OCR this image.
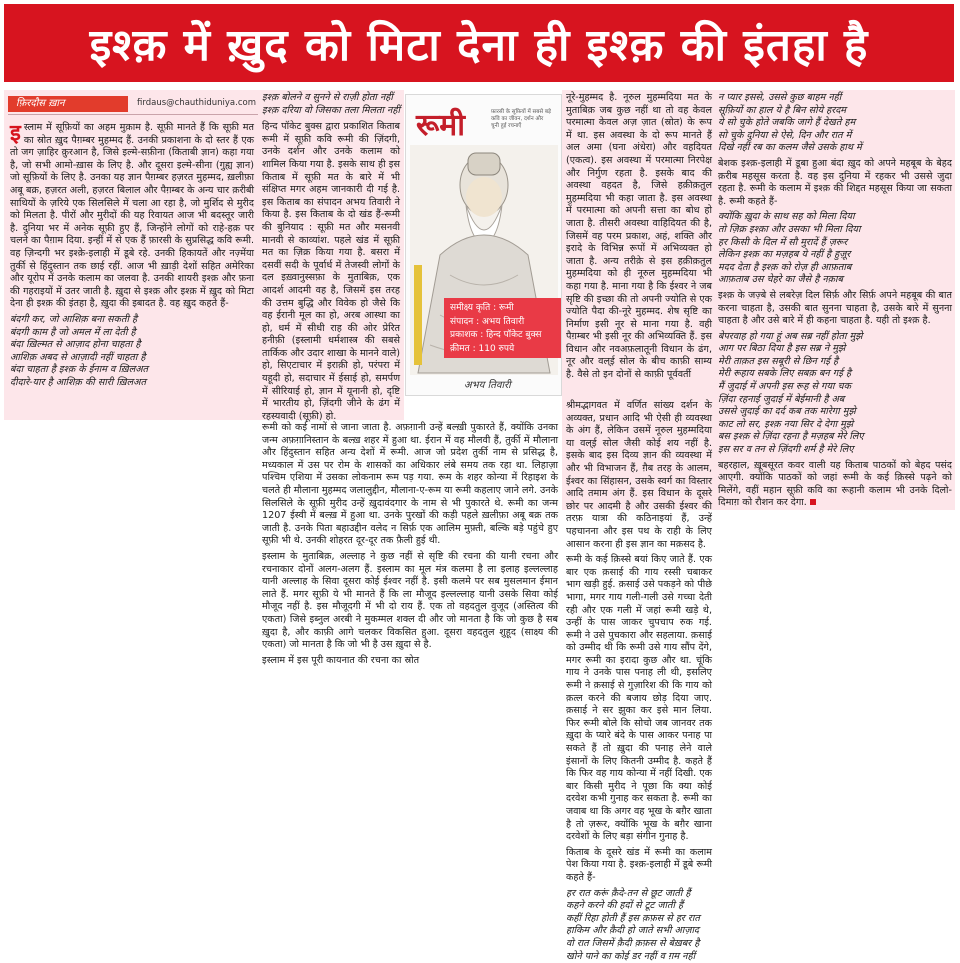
इश्क़ में ख़ुद को मिटा देना ही इश्क़ की इंतहा है
फ़िरदौस ख़ान	firdaus@chauthiduniya.com

इस्लाम में सूफ़ियों का अहम मुक़ाम है. सूफ़ी मानते हैं कि सूफ़ी मत का स्रोत ख़ुद पैग़म्बर मुहम्मद हैं. उनकी प्रकाशना के दो स्तर हैं एक तो जग ज़ाहिर क़ुरआन है, जिसे इल्मे-सफ़ीना (किताबी ज्ञान) कहा गया है, जो सभी आमो-ख़ास के लिए है. और दूसरा इल्मे-सीना (गुह्य ज्ञान) जो सूफ़ियों के लिए है. उनका यह ज्ञान पैग़म्बर हज़रत मुहम्मद, ख़लीफ़ा अबू बक्र, हज़रत अली, हज़रत बिलाल और पैग़म्बर के अन्य चार क़रीबी साथियों के ज़रिये एक सिलसिले में चला आ रहा है, जो मुर्शिद से मुरीद को मिलता है. पीरों और मुरीदों की यह रिवायत आज भी बदस्तूर जारी है. दुनिया भर में अनेक सूफ़ी हुए हैं, जिन्होंने लोगों को राहे-हक़ पर चलने का पैग़ाम दिया. इन्हीं में से एक हैं फ़ारसी के सुप्रसिद्ध कवि रूमी. वह ज़िन्दगी भर इश्क़े-इलाही में डूबे रहे. उनकी हिकायतें और नज़्मेंया तुर्की से हिंदुस्तान तक छाई रहीं. आज भी ख़ाड़ी देशों सहित अमेरिका और यूरोप में उनके कलाम का जलवा है. उनकी शायरी इश्क़ और फ़ना की गहराइयों में उतर जाती है. ख़ुदा से इश्क़ और इश्क़ में ख़ुद को मिटा देना ही इश्क़ की इंतहा है, ख़ुदा की इबादत है. वह ख़ुद कहते हैं-

बंदगी कर, जो आशिक़ बना सकती है
बंदगी काम है जो अमल में ला देती है
बंदा ख़िल्मत से आज़ाद होना चाहता है
आशिक़ अबद से आज़ादी नहीं चाहता है
बंदा चाहता है इश्क़ के ईनाम व ख़िलअत
दीदारे-यार है आशिक़ की सारी ख़िलअत
इश्क़ बोलने व सुनने से राज़ी होता नहीं
इश्क़ दरिया वो जिसका तला मिलता नहीं

हिन्द पॉकेट बुक्स द्वारा प्रकाशित किताब रूमी में सूफ़ी कवि रूमी की ज़िंदगी, उनके दर्शन और उनके कलाम को शामिल किया गया है. इसके साथ ही इस किताब में सूफ़ी मत के बारे में भी संक्षिप्त मगर अहम जानकारी दी गई है. इस किताब का संपादन अभय तिवारी ने किया है. इस किताब के दो खंड हैं-रूमी की बुनियाद : सूफ़ी मत और मसनवी मानवी से काव्यांश. पहले खंड में सूफ़ी मत का ज़िक्र किया गया है. बसरा में दसवीं सदी के पूर्वार्ध में तेजस्वी लोगों के दल इख़्वानुस्सफ़ा के मुताबिक़, एक आदर्श आदमी वह है, जिसमें इस तरह की उत्तम बुद्धि और विवेक हो जैसे कि वह ईरानी मूल का हो, अरब आस्था का हो, धर्म में सीधी राह की ओर प्रेरित हनीफ़ी (इस्लामी धर्मशास्त्र की सबसे तार्किक और उदार शाखा के मानने वाले) हो, सिएटाचार में इराक़ी हो, परंपरा में यहूदी हो, सदाचार में ईसाई हो, समर्पण में सीरियाई हो, ज्ञान में यूनानी हो, दृष्टि में भारतीय हो, ज़िंदगी जीने के ढंग में रहस्यवादी (सूफ़ी) हो.

रूमी	फ़ारसी के सूफ़ियों में सबसे बड़े कवि का जीवन, दर्शन और चुनी हुई रचनाएँ
अभय तिवारी
समीक्ष्य कृति : रूमी
संपादन : अभय तिवारी
प्रकाशक : हिन्द पॉकेट बुक्स
क़ीमत : 110 रुपये

रूमी को कई नामों से जाना जाता है. अफ़ग़ानी उन्हें बल्ख़ी पुकारते हैं, क्योंकि उनका जन्म अफ़ग़ानिस्तान के बल्ख़ शहर में हुआ था. ईरान में वह मौलवी हैं, तुर्की में मौलाना और हिंदुस्तान सहित अन्य देशों में रूमी. आज जो प्रदेश तुर्की नाम से प्रसिद्ध है, मध्यकाल में उस पर रोम के शासकों का अधिकार लंबे समय तक रहा था. लिहाज़ा पश्चिम एशिया में उसका लोकनाम रूम पड़ गया. रूम के शहर कोन्या में रिहाइश के चलते ही मौलाना मुहम्मद जलालुद्दीन, मौलाना-ए-रूम या रूमी कहलाए जाने लगे. उनके सिलसिले के सूफ़ी मुरीद उन्हें ख़ुदावंदगार के नाम से भी पुकारते थे. रूमी का जन्म 1207 ईस्वी में बल्ख़ में हुआ था. उनके पुरखों की कड़ी पहले ख़लीफ़ा अबू बक्र तक जाती है. उनके पिता बहाउद्दीन वलेद न सिर्फ़ एक आलिम मुफ़्ती, बल्कि बड़े पहुंचे हुए सूफ़ी भी थे. उनकी शोहरत दूर-दूर तक फ़ैली हुई थी.

इस्लाम के मुताबिक़, अल्लाह ने कुछ नहीं से सृष्टि की रचना की यानी रचना और रचनाकार दोनों अलग-अलग हैं. इस्लाम का मूल मंत्र कलमा है ला इलाह इल्लल्लाह यानी अल्लाह के सिवा दूसरा कोई ईश्वर नहीं है. इसी कलमे पर सब मुसलमान ईमान लाते हैं. मगर सूफ़ी ये भी मानते हैं कि ला मौजूद इल्लल्लाह यानी उसके सिवा कोई मौजूद नहीं है. इस मौजूदगी में भी दो राय हैं. एक तो वहदतुल वुजूद (अस्तित्व की एकता) जिसे इब्नुल अरबी ने मुकम्मल शक्ल दी और जो मानता है कि जो कुछ है सब ख़ुदा है, और काफ़ी आगे चलकर विकसित हुआ. दूसरा वहदतुल शुहूद (साक्ष्य की एकता) जो मानता है कि जो भी है उस ख़ुदा से है.

इस्लाम में इस पूरी कायनात की रचना का स्रोत

नूरे-मुहम्मद है. नूरुल मुहम्मदिया मत के मुताबिक़ जब कुछ नहीं था तो वह केवल परमात्मा केवल अज़ ज़ात (स्रोत) के रूप में था. इस अवस्था के दो रूप मानते हैं अल अमा (घना अंधेरा) और वहदियत (एकत्व). इस अवस्था में परमात्मा निरपेक्ष और निर्गुण रहता है. इसके बाद की अवस्था वहदत है, जिसे हक़ीक़तुल मुहम्मदिया भी कहा जाता है. इस अवस्था में परमात्मा को अपनी सत्ता का बोध हो जाता है. तीसरी अवस्था वाहिदियत की है, जिसमें वह परम प्रकाश, अहं, शक्ति और इरादे के विभिन्न रूपों में अभिव्यक्त हो जाता है. अन्य तरीक़े से इस हक़ीक़तुल मुहम्मदिया को ही नूरुल मुहम्मदिया भी कहा गया है. माना गया है कि ईश्वर ने जब सृष्टि की इच्छा की तो अपनी ज्योति से एक ज्योति पैदा की-नूरे मुहम्मद. शेष सृष्टि का निर्माण इसी नूर से माना गया है. वही पैग़म्बर भी इसी नूर की अभिव्यक्ति हैं. इस विधान और नवअफ़लातूनी विधान के ढंग, नूर और वल्ई सोल के बीच काफ़ी साम्य है. वैसे तो इन दोनों से काफ़ी पूर्ववर्ती

श्रीमद्भागवत में वर्णित सांख्य दर्शन के अव्यक्त, प्रधान आदि भी ऐसी ही व्यवस्था के अंग हैं, लेकिन उसमें नूरुल मुहम्मदिया या वल्ई सोल जैसी कोई शय नहीं है. इसके बाद इस दिव्य ज्ञान की व्यवस्था में और भी विभाजन हैं, ग़ैब तरह के आलम, ईश्वर का सिंहासन, उसके स्वर्ग का विस्तार आदि तमाम अंग हैं. इस विधान के दूसरे छोर पर आदमी है और उसकी ईश्वर की तरफ़ यात्रा की कठिनाइयां हैं, उन्हें पहचानना और इस पथ के राही के लिए आसान करना ही इस ज्ञान का मक़सद है.

रूमी के कई क़िस्से बयां किए जाते हैं. एक बार एक क़साई की गाय रस्सी चबाकर भाग खड़ी हुई. क़साई उसे पकड़ने को पीछे भागा, मगर गाय गली-गली उसे गच्चा देती रही और एक गली में जहां रूमी खड़े थे, उन्हीं के पास जाकर चुपचाप रुक गई. रूमी ने उसे पुचकारा और सहलाया. क़साई को उम्मीद थी कि रूमी उसे गाय सौंप देंगे, मगर रूमी का इरादा कुछ और था. चूंकि गाय ने उनके पास पनाह ली थी, इसलिए रूमी ने क़साई से गुज़ारिश की कि गाय को क़त्ल करने की बजाय छोड़ दिया जाए. क़साई ने सर झुका कर इसे मान लिया. फिर रूमी बोले कि सोचो जब जानवर तक ख़ुदा के प्यारे बंदे के पास आकर पनाह पा सकते हैं तो ख़ुदा की पनाह लेने वाले इंसानों के लिए कितनी उम्मीद है. कहते हैं कि फिर वह गाय कोन्या में नहीं दिखी. एक बार किसी मुरीद ने पूछा कि क्या कोई दरवेश कभी गुनाह कर सकता है. रूमी का जवाब था कि अगर वह भूख के बग़ैर खाता है तो ज़रूर, क्योंकि भूख के बग़ैर खाना दरवेशों के लिए बड़ा संगीन गुनाह है.

किताब के दूसरे खंड में रूमी का कलाम पेश किया गया है. इश्क़-इलाही में डूबे रूमी कहते हैं-

हर रात करूं क़ैदे-तन से छूट जाती हैं
कहने करने की हदों से टूट जाती हैं
कहीं रिहा होती हैं इस क़फ़स से हर रात
हाकिम और क़ैदी हो जाते सभी आज़ाद
वो रात जिसमें क़ैदी क़फ़स से बेख़बर है
खोने पाने का कोई डर नहीं व ग़म नहीं
न प्यार इससे, उससे कुछ बाहम नहीं
सूफ़ियों का हाल ये है बिन सोये हरदम
ये सो चुके होते जबकि जागे हैं देखते हम
सो चुके दुनिया से ऐसे, दिन और रात में
दिखे नहीं रब का कलम जैसे उसके हाथ में

बेशक इश्क़-इलाही में डूबा हुआ बंदा ख़ुद को अपने महबूब के बेहद क़रीब महसूस करता है. वह इस दुनिया में रहकर भी उससे जुदा रहता है. रूमी के कलाम में इश्क़ की शिद्दत महसूस किया जा सकता है. रूमी कहते हैं-

क्योंकि ख़ुदा के साथ सह को मिला दिया
तो ज़िक्र इश्क़ा और उसका भी मिला दिया
हर किसी के दिल में सौ मुरादें हैं ज़रूर
लेकिन इश्क़ का मज़हब ये नहीं है हुज़ूर
मदद देता है इश्क़ को रोज़ ही आफ़ताब
आफ़ताब उस चेहरे का जैसे है नक़ाब

इश्क़ के जज़्बे से लबरेज़ दिल सिर्फ़ और सिर्फ़ अपने महबूब की बात करना चाहता है, उसकी बात सुनना चाहता है, उसके बारे में सुनना चाहता है और उसे बारे में ही कहना चाहता है. यही तो इश्क़ है.

बेपरवाह हो गया हूं अब सब्र नहीं होता मुझे
आग पर बिठा दिया है इस सब्र ने मुझे
मेरी ताक़त इस सबूरी से छिन गई है
मेरी रूहाय सबके लिए सबक़ बन गई है
मैं जुदाई में अपनी इस रूह से गया चक
ज़िंदा रहनाई जुदाई में बेईमानी है अब
उससे जुदाई का दर्द कब तक मारेगा मुझे
काट लो सर, इश्क़ नया सिर दे देगा मुझे
बस इश्क़ से ज़िंदा रहना है मज़हब मेरे लिए
इस सर व तन से ज़िंदगी शर्म है मेरे लिए

बहरहाल, ख़ूबसूरत कवर वाली यह किताब पाठकों को बेहद पसंद आएगी. क्योंकि पाठकों को जहां रूमी के कई क़िस्से पढ़ने को मिलेंगे, वहीं महान सूफ़ी कवि का रूहानी कलाम भी उनके दिलो-दिमाग़ को रौशन कर देगा.
